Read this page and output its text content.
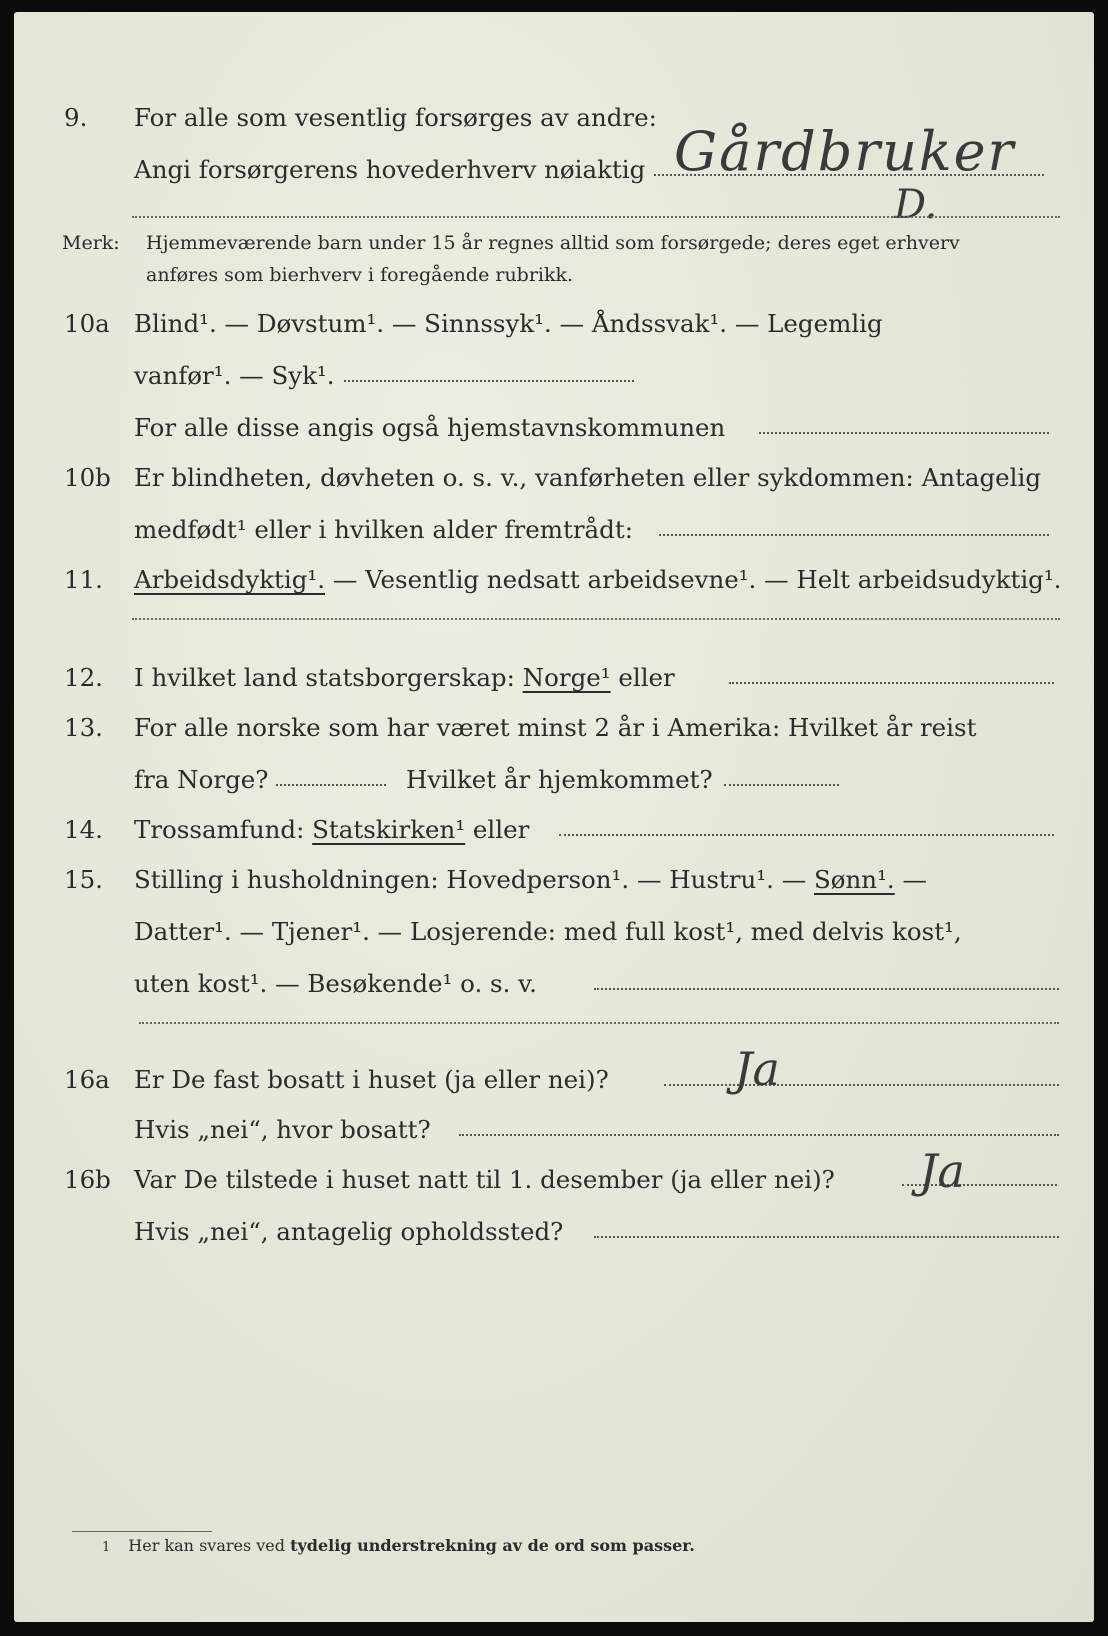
9. For alle som vesentlig forsørges av andre:
Angi forsørgerens hovederhverv nøiaktig Gårdbruker
D.
Merk: Hjemmeværende barn under 15 år regnes alltid som forsørgede; deres eget erhverv
anføres som bierhverv i foregående rubrikk.
10a Blind¹. — Døvstum¹. — Sinnssyk¹. — Åndssvak¹. — Legemlig
vanfør¹. — Syk¹.
For alle disse angis også hjemstavnskommunen
10b Er blindheten, døvheten o. s. v., vanførheten eller sykdommen: Antagelig
medfødt¹ eller i hvilken alder fremtrådt:
11. Arbeidsdyktig¹. — Vesentlig nedsatt arbeidsevne¹. — Helt arbeidsudyktig¹.
12. I hvilket land statsborgerskap: Norge¹ eller
13. For alle norske som har været minst 2 år i Amerika: Hvilket år reist
fra Norge?	Hvilket år hjemkommet?
14. Trossamfund: Statskirken¹ eller
15. Stilling i husholdningen: Hovedperson¹. — Hustru¹. — Sønn¹. —
Datter¹. — Tjener¹. — Losjerende: med full kost¹, med delvis kost¹,
uten kost¹. — Besøkende¹ o. s. v.
16a Er De fast bosatt i huset (ja eller nei)?	Ja
Hvis „nei“, hvor bosatt?
16b Var De tilstede i huset natt til 1. desember (ja eller nei)? Ja
Hvis „nei“, antagelig opholdssted?
1 Her kan svares ved tydelig understrekning av de ord som passer.
